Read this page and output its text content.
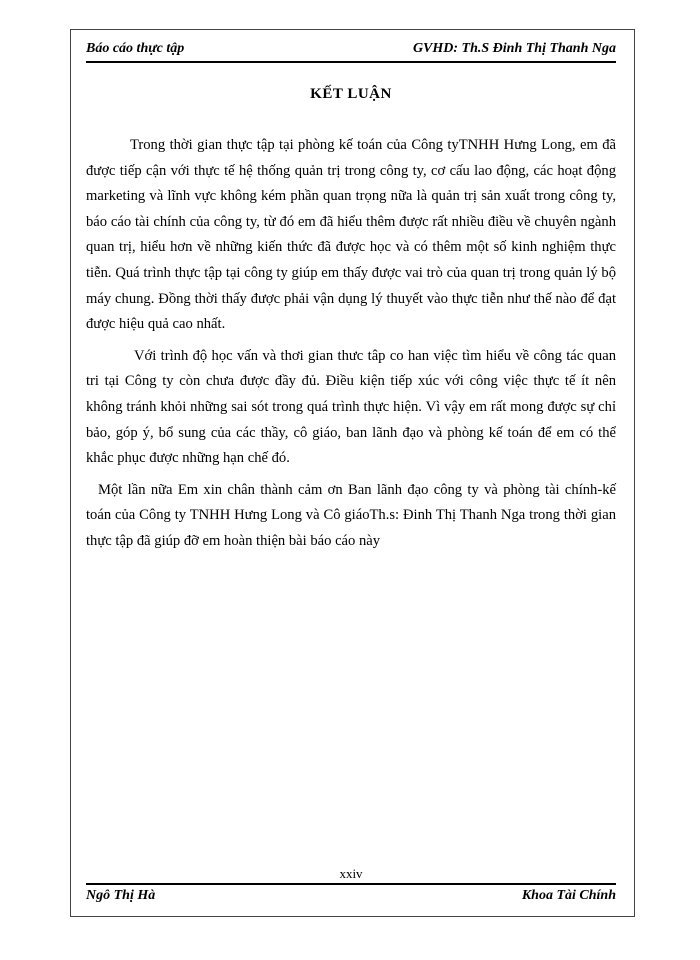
Báo cáo thực tập	GVHD: Th.S Đinh Thị Thanh Nga
KẾT LUẬN

Trong thời gian thực tập tại phòng kế toán của Công tyTNHH Hưng Long, em đã được tiếp cận với thực tế hệ thống quản trị trong công ty, cơ cấu lao động, các hoạt động marketing và lĩnh vực không kém phần quan trọng nữa là quản trị sản xuất trong công ty, báo cáo tài chính của công ty, từ đó em đã hiểu thêm được rất nhiều điều về chuyên ngành quan trị, hiểu hơn về những kiến thức đã được học và có thêm một số kinh nghiệm thực tiễn. Quá trình thực tập tại công ty giúp em thấy được vai trò của quan trị trong quản lý bộ máy chung. Đồng thời thấy được phải vận dụng lý thuyết vào thực tiễn như thế nào để đạt được hiệu quả cao nhất.

Với trình độ học vấn và thơi gian thưc tâp co han việc tìm hiểu về công tác quan tri tại Công ty còn chưa được đầy đủ. Điều kiện tiếp xúc với công việc thực tế ít nên không tránh khỏi những sai sót trong quá trình thực hiện. Vì vậy em rất mong được sự chỉ bảo, góp ý, bổ sung của các thầy, cô giáo, ban lãnh đạo và phòng kế toán để em có thể khắc phục được những hạn chế đó.

Một lần nữa Em xin chân thành cảm ơn Ban lãnh đạo công ty và phòng tài chính-kế toán của Công ty TNHH Hưng Long và Cô giáoTh.s: Đinh Thị Thanh Nga trong thời gian thực tập đã giúp đỡ em hoàn thiện bài báo cáo này

xxiv
Ngô Thị Hà	Khoa Tài Chính
